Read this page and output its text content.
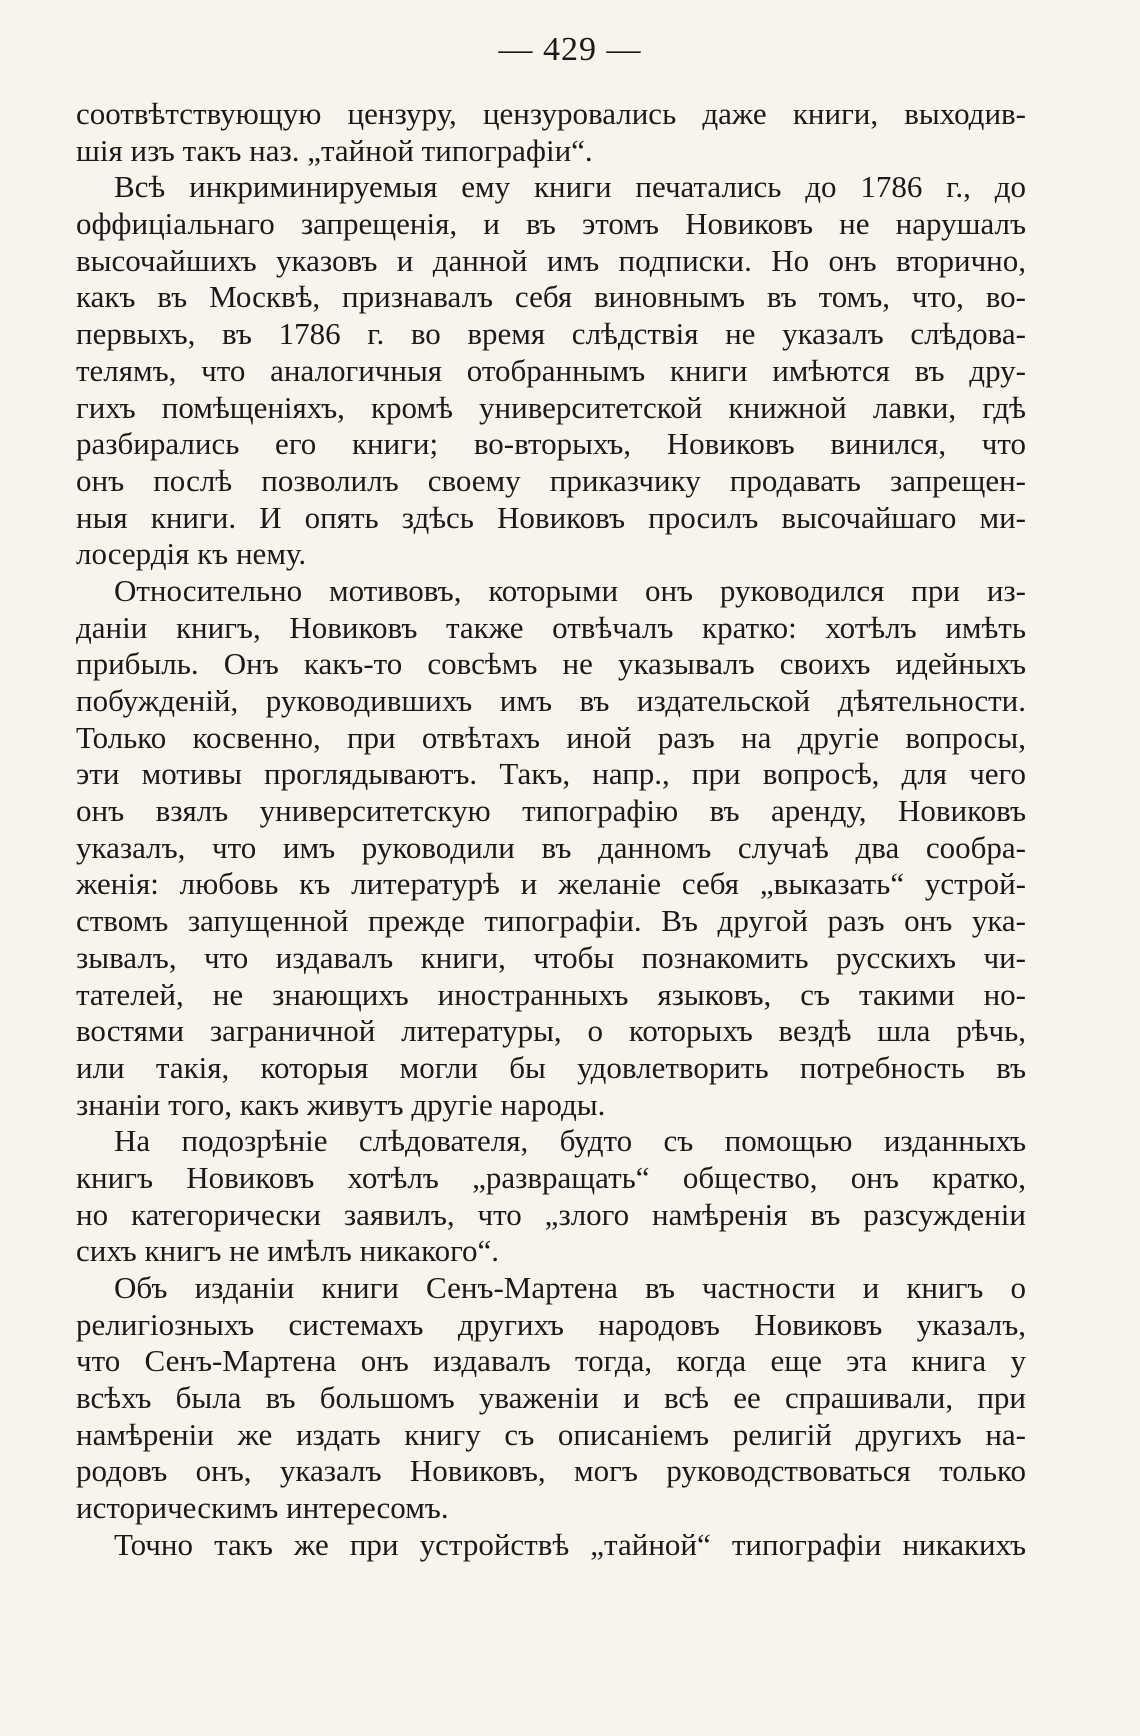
— 429 —
соотвѣтствующую цензуру, цензуровались даже книги, выходив-
шія изъ такъ наз. „тайной типографіи“.
Всѣ инкриминируемыя ему книги печатались до 1786 г., до
оффиціальнаго запрещенія, и въ этомъ Новиковъ не нарушалъ
высочайшихъ указовъ и данной имъ подписки. Но онъ вторично,
какъ въ Москвѣ, признавалъ себя виновнымъ въ томъ, что, во-
первыхъ, въ 1786 г. во время слѣдствія не указалъ слѣдова-
телямъ, что аналогичныя отобраннымъ книги имѣются въ дру-
гихъ помѣщеніяхъ, кромѣ университетской книжной лавки, гдѣ
разбирались его книги; во-вторыхъ, Новиковъ винился, что
онъ послѣ позволилъ своему приказчику продавать запрещен-
ныя книги. И опять здѣсь Новиковъ просилъ высочайшаго ми-
лосердія къ нему.
Относительно мотивовъ, которыми онъ руководился при из-
даніи книгъ, Новиковъ также отвѣчалъ кратко: хотѣлъ имѣть
прибыль. Онъ какъ-то совсѣмъ не указывалъ своихъ идейныхъ
побужденій, руководившихъ имъ въ издательской дѣятельности.
Только косвенно, при отвѣтахъ иной разъ на другіе вопросы,
эти мотивы проглядываютъ. Такъ, напр., при вопросѣ, для чего
онъ взялъ университетскую типографію въ аренду, Новиковъ
указалъ, что имъ руководили въ данномъ случаѣ два сообра-
женія: любовь къ литературѣ и желаніе себя „выказать“ устрой-
ствомъ запущенной прежде типографіи. Въ другой разъ онъ ука-
зывалъ, что издавалъ книги, чтобы познакомить русскихъ чи-
тателей, не знающихъ иностранныхъ языковъ, съ такими но-
востями заграничной литературы, о которыхъ вездѣ шла рѣчь,
или такія, которыя могли бы удовлетворить потребность въ
знаніи того, какъ живутъ другіе народы.
На подозрѣніе слѣдователя, будто съ помощью изданныхъ
книгъ Новиковъ хотѣлъ „развращать“ общество, онъ кратко,
но категорически заявилъ, что „злого намѣренія въ разсужденіи
сихъ книгъ не имѣлъ никакого“.
Объ изданіи книги Сенъ-Мартена въ частности и книгъ о
религіозныхъ системахъ другихъ народовъ Новиковъ указалъ,
что Сенъ-Мартена онъ издавалъ тогда, когда еще эта книга у
всѣхъ была въ большомъ уваженіи и всѣ ее спрашивали, при
намѣреніи же издать книгу съ описаніемъ религій другихъ на-
родовъ онъ, указалъ Новиковъ, могъ руководствоваться только
историческимъ интересомъ.
Точно такъ же при устройствѣ „тайной“ типографіи никакихъ
